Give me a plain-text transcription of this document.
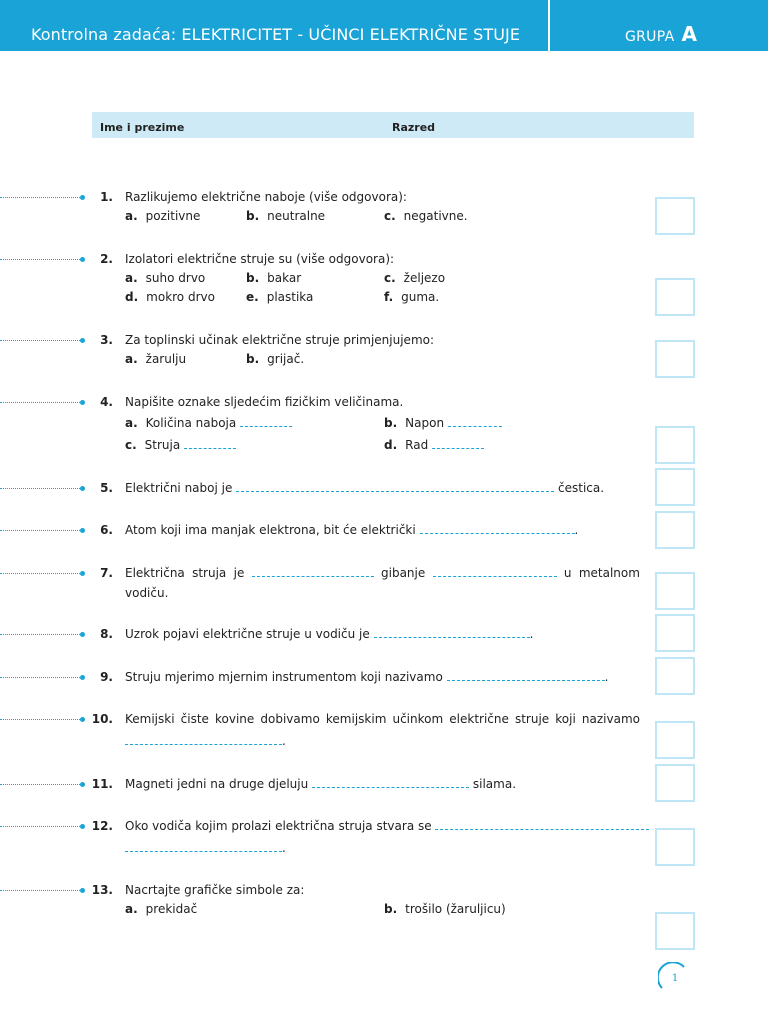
Kontrolna zadaća: ELEKTRICITET - UČINCI ELEKTRIČNE STUJE	GRUPA A
Ime i prezime	Razred
1. Razlikujemo električne naboje (više odgovora):
a. pozitivne	b. neutralne	c. negativne.
2. Izolatori električne struje su (više odgovora):
a. suho drvo	b. bakar	c. željezo
d. mokro drvo	e. plastika	f. guma.
3. Za toplinski učinak električne struje primjenjujemo:
a. žarulju	b. grijač.
4. Napišite oznake sljedećim fizičkim veličinama.
a. Količina naboja	b. Napon
c. Struja	d. Rad
5. Električni naboj je	čestica.
6. Atom koji ima manjak elektrona, bit će električki	.
7. Električna struja je	gibanje	u metalnom
vodiču.
8. Uzrok pojavi električne struje u vodiču je	.
9. Struju mjerimo mjernim instrumentom koji nazivamo	.
10. Kemijski čiste kovine dobivamo kemijskim učinkom električne struje koji nazivamo
.
11. Magneti jedni na druge djeluju	silama.
12. Oko vodiča kojim prolazi električna struja stvara se
.
13. Nacrtajte grafičke simbole za:
a. prekidač	b. trošilo (žaruljicu)
1
